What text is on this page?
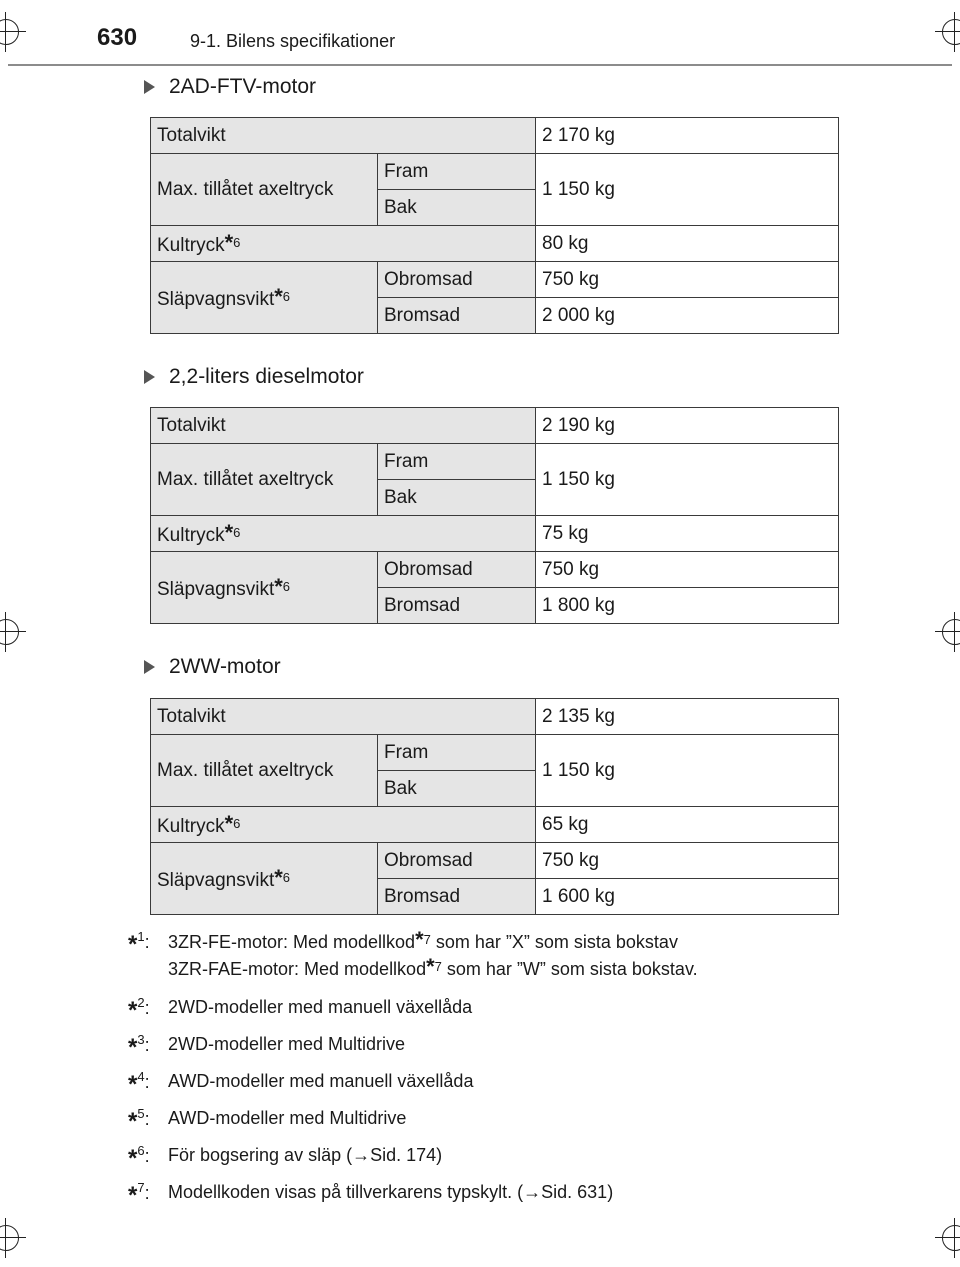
630	9-1. Bilens specifikationer
2AD-FTV-motor
Totalvikt		2 170 kg
Max. tillåtet axeltryck	Fram	1 150 kg
	Bak	
Kultryck$^{*6}$		80 kg
Släpvagnsvikt$^{*6}$	Obromsad	750 kg
	Bromsad	2 000 kg
2,2-liters dieselmotor
Totalvikt		2 190 kg
Max. tillåtet axeltryck	Fram	1 150 kg
	Bak	
Kultryck$^{*6}$		75 kg
Släpvagnsvikt$^{*6}$	Obromsad	750 kg
	Bromsad	1 800 kg
2WW-motor
Totalvikt		2 135 kg
Max. tillåtet axeltryck	Fram	1 150 kg
	Bak	
Kultryck$^{*6}$		65 kg
Släpvagnsvikt$^{*6}$	Obromsad	750 kg
	Bromsad	1 600 kg
*$^1$:	3ZR-FE-motor: Med modellkod$^{*7}$ som har ”X” som sista bokstav
3ZR-FAE-motor: Med modellkod$^{*7}$ som har ”W” som sista bokstav.
*$^2$:	2WD-modeller med manuell växellåda
*$^3$:	2WD-modeller med Multidrive
*$^4$:	AWD-modeller med manuell växellåda
*$^5$:	AWD-modeller med Multidrive
*$^6$:	För bogsering av släp (→Sid. 174)
*$^7$:	Modellkoden visas på tillverkarens typskylt. (→Sid. 631)
